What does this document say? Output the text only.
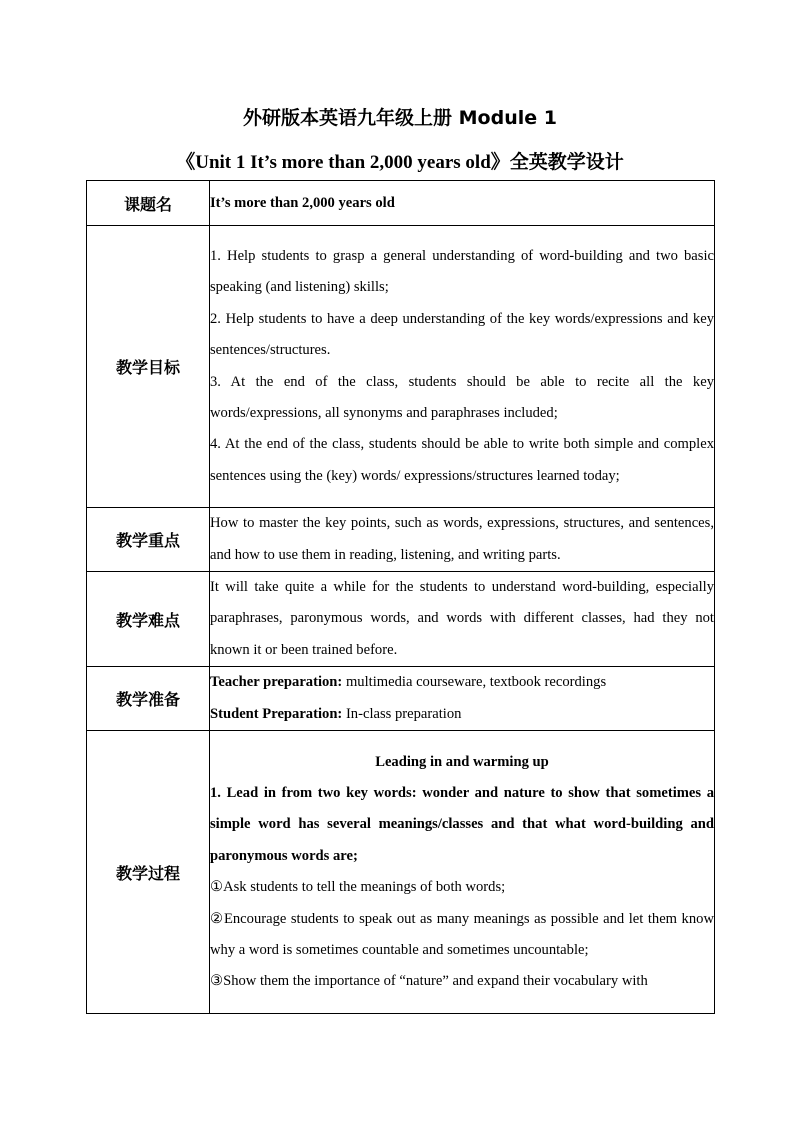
外研版本英语九年级上册 Module 1
《Unit 1 It’s more than 2,000 years old》全英教学设计
课题名	It’s more than 2,000 years old
教学目标	1. Help students to grasp a general understanding of word-building and two basic speaking (and listening) skills;

2. Help students to have a deep understanding of the key words/expressions and key sentences/structures.

3. At the end of the class, students should be able to recite all the key words/expressions, all synonyms and paraphrases included;

4. At the end of the class, students should be able to write both simple and complex sentences using the (key) words/ expressions/structures learned today;

教学重点	How to master the key points, such as words, expressions, structures, and sentences, and how to use them in reading, listening, and writing parts.
教学难点	It will take quite a while for the students to understand word-building, especially paraphrases, paronymous words, and words with different classes, had they not known it or been trained before.
教学准备	Teacher preparation: multimedia courseware, textbook recordings

Student Preparation: In-class preparation

教学过程	Leading in and warming up

1. Lead in from two key words: wonder and nature to show that sometimes a simple word has several meanings/classes and that what word-building and paronymous words are;

①Ask students to tell the meanings of both words;

②Encourage students to speak out as many meanings as possible and let them know why a word is sometimes countable and sometimes uncountable;

③Show them the importance of “nature” and expand their vocabulary with
